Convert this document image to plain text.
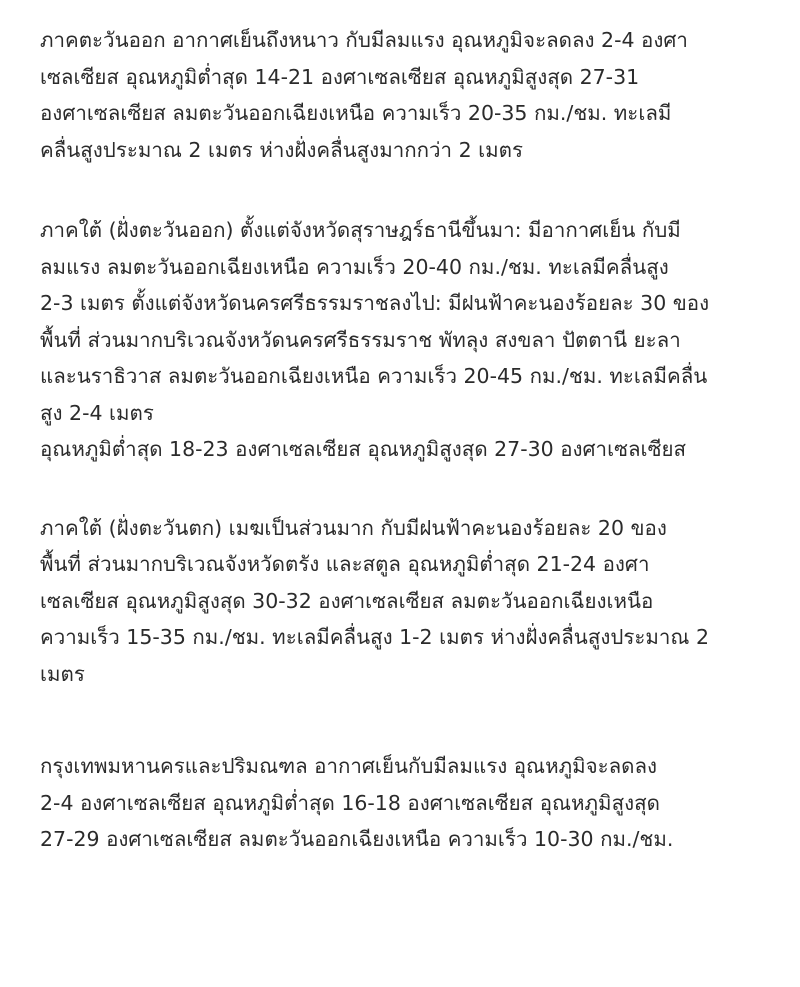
ภาคตะวันออก อากาศเย็นถึงหนาว กับมีลมแรง อุณหภูมิจะลดลง 2-4 องศา
เซลเซียส อุณหภูมิต่ำสุด 14-21 องศาเซลเซียส อุณหภูมิสูงสุด 27-31
องศาเซลเซียส ลมตะวันออกเฉียงเหนือ ความเร็ว 20-35 กม./ชม. ทะเลมี
คลื่นสูงประมาณ 2 เมตร ห่างฝั่งคลื่นสูงมากกว่า 2 เมตร

ภาคใต้ (ฝั่งตะวันออก) ตั้งแต่จังหวัดสุราษฎร์ธานีขึ้นมา: มีอากาศเย็น กับมี
ลมแรง ลมตะวันออกเฉียงเหนือ ความเร็ว 20-40 กม./ชม. ทะเลมีคลื่นสูง
2-3 เมตร ตั้งแต่จังหวัดนครศรีธรรมราชลงไป: มีฝนฟ้าคะนองร้อยละ 30 ของ
พื้นที่ ส่วนมากบริเวณจังหวัดนครศรีธรรมราช พัทลุง สงขลา ปัตตานี ยะลา
และนราธิวาส ลมตะวันออกเฉียงเหนือ ความเร็ว 20-45 กม./ชม. ทะเลมีคลื่น
สูง 2-4 เมตร
อุณหภูมิต่ำสุด 18-23 องศาเซลเซียส อุณหภูมิสูงสุด 27-30 องศาเซลเซียส

ภาคใต้ (ฝั่งตะวันตก) เมฆเป็นส่วนมาก กับมีฝนฟ้าคะนองร้อยละ 20 ของ
พื้นที่ ส่วนมากบริเวณจังหวัดตรัง และสตูล อุณหภูมิต่ำสุด 21-24 องศา
เซลเซียส อุณหภูมิสูงสุด 30-32 องศาเซลเซียส ลมตะวันออกเฉียงเหนือ
ความเร็ว 15-35 กม./ชม. ทะเลมีคลื่นสูง 1-2 เมตร ห่างฝั่งคลื่นสูงประมาณ 2
เมตร

กรุงเทพมหานครและปริมณฑล อากาศเย็นกับมีลมแรง อุณหภูมิจะลดลง
2-4 องศาเซลเซียส อุณหภูมิต่ำสุด 16-18 องศาเซลเซียส อุณหภูมิสูงสุด
27-29 องศาเซลเซียส ลมตะวันออกเฉียงเหนือ ความเร็ว 10-30 กม./ชม.
